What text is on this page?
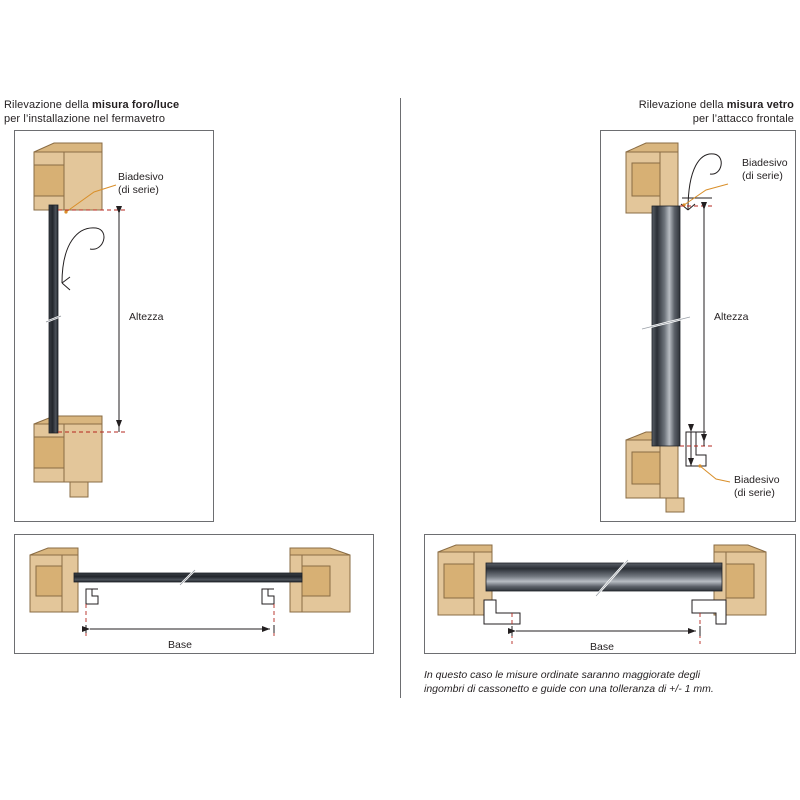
Rilevazione della misura foro/luce
per l’installazione nel fermavetro
Rilevazione della misura vetro
per l’attacco frontale
Biadesivo
(di serie)
Altezza
Base
Biadesivo
(di serie)
Altezza
Biadesivo
(di serie)
Base
In questo caso le misure ordinate saranno maggiorate degli
ingombri di cassonetto e guide con una tolleranza di +/- 1 mm.
